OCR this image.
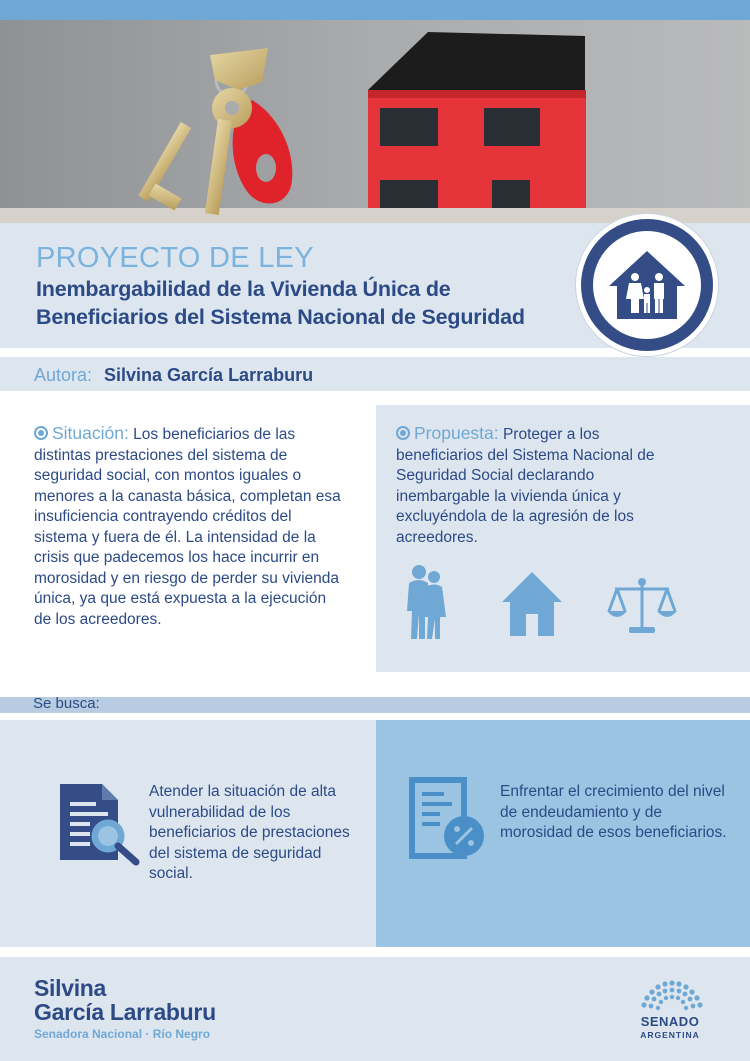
PROYECTO DE LEY
Inembargabilidad de la Vivienda Única de
Beneficiarios del Sistema Nacional de Seguridad
Autora: Silvina García Larraburu
Situación: Los beneficiarios de las distintas prestaciones del sistema de seguridad social, con montos iguales o menores a la canasta básica, completan esa insuficiencia contrayendo créditos del sistema y fuera de él. La intensidad de la crisis que padecemos los hace incurrir en morosidad y en riesgo de perder su vivienda única, ya que está expuesta a la ejecución de los acreedores.
Propuesta: Proteger a los beneficiarios del Sistema Nacional de Seguridad Social declarando inembargable la vivienda única y excluyéndola de la agresión de los acreedores.
Se busca:
Atender la situación de alta vulnerabilidad de los beneficiarios de prestaciones del sistema de seguridad social.
Enfrentar el crecimiento del nivel de endeudamiento y de morosidad de esos beneficiarios.
Silvina
García Larraburu
Senadora Nacional · Río Negro
SENADO
ARGENTINA
